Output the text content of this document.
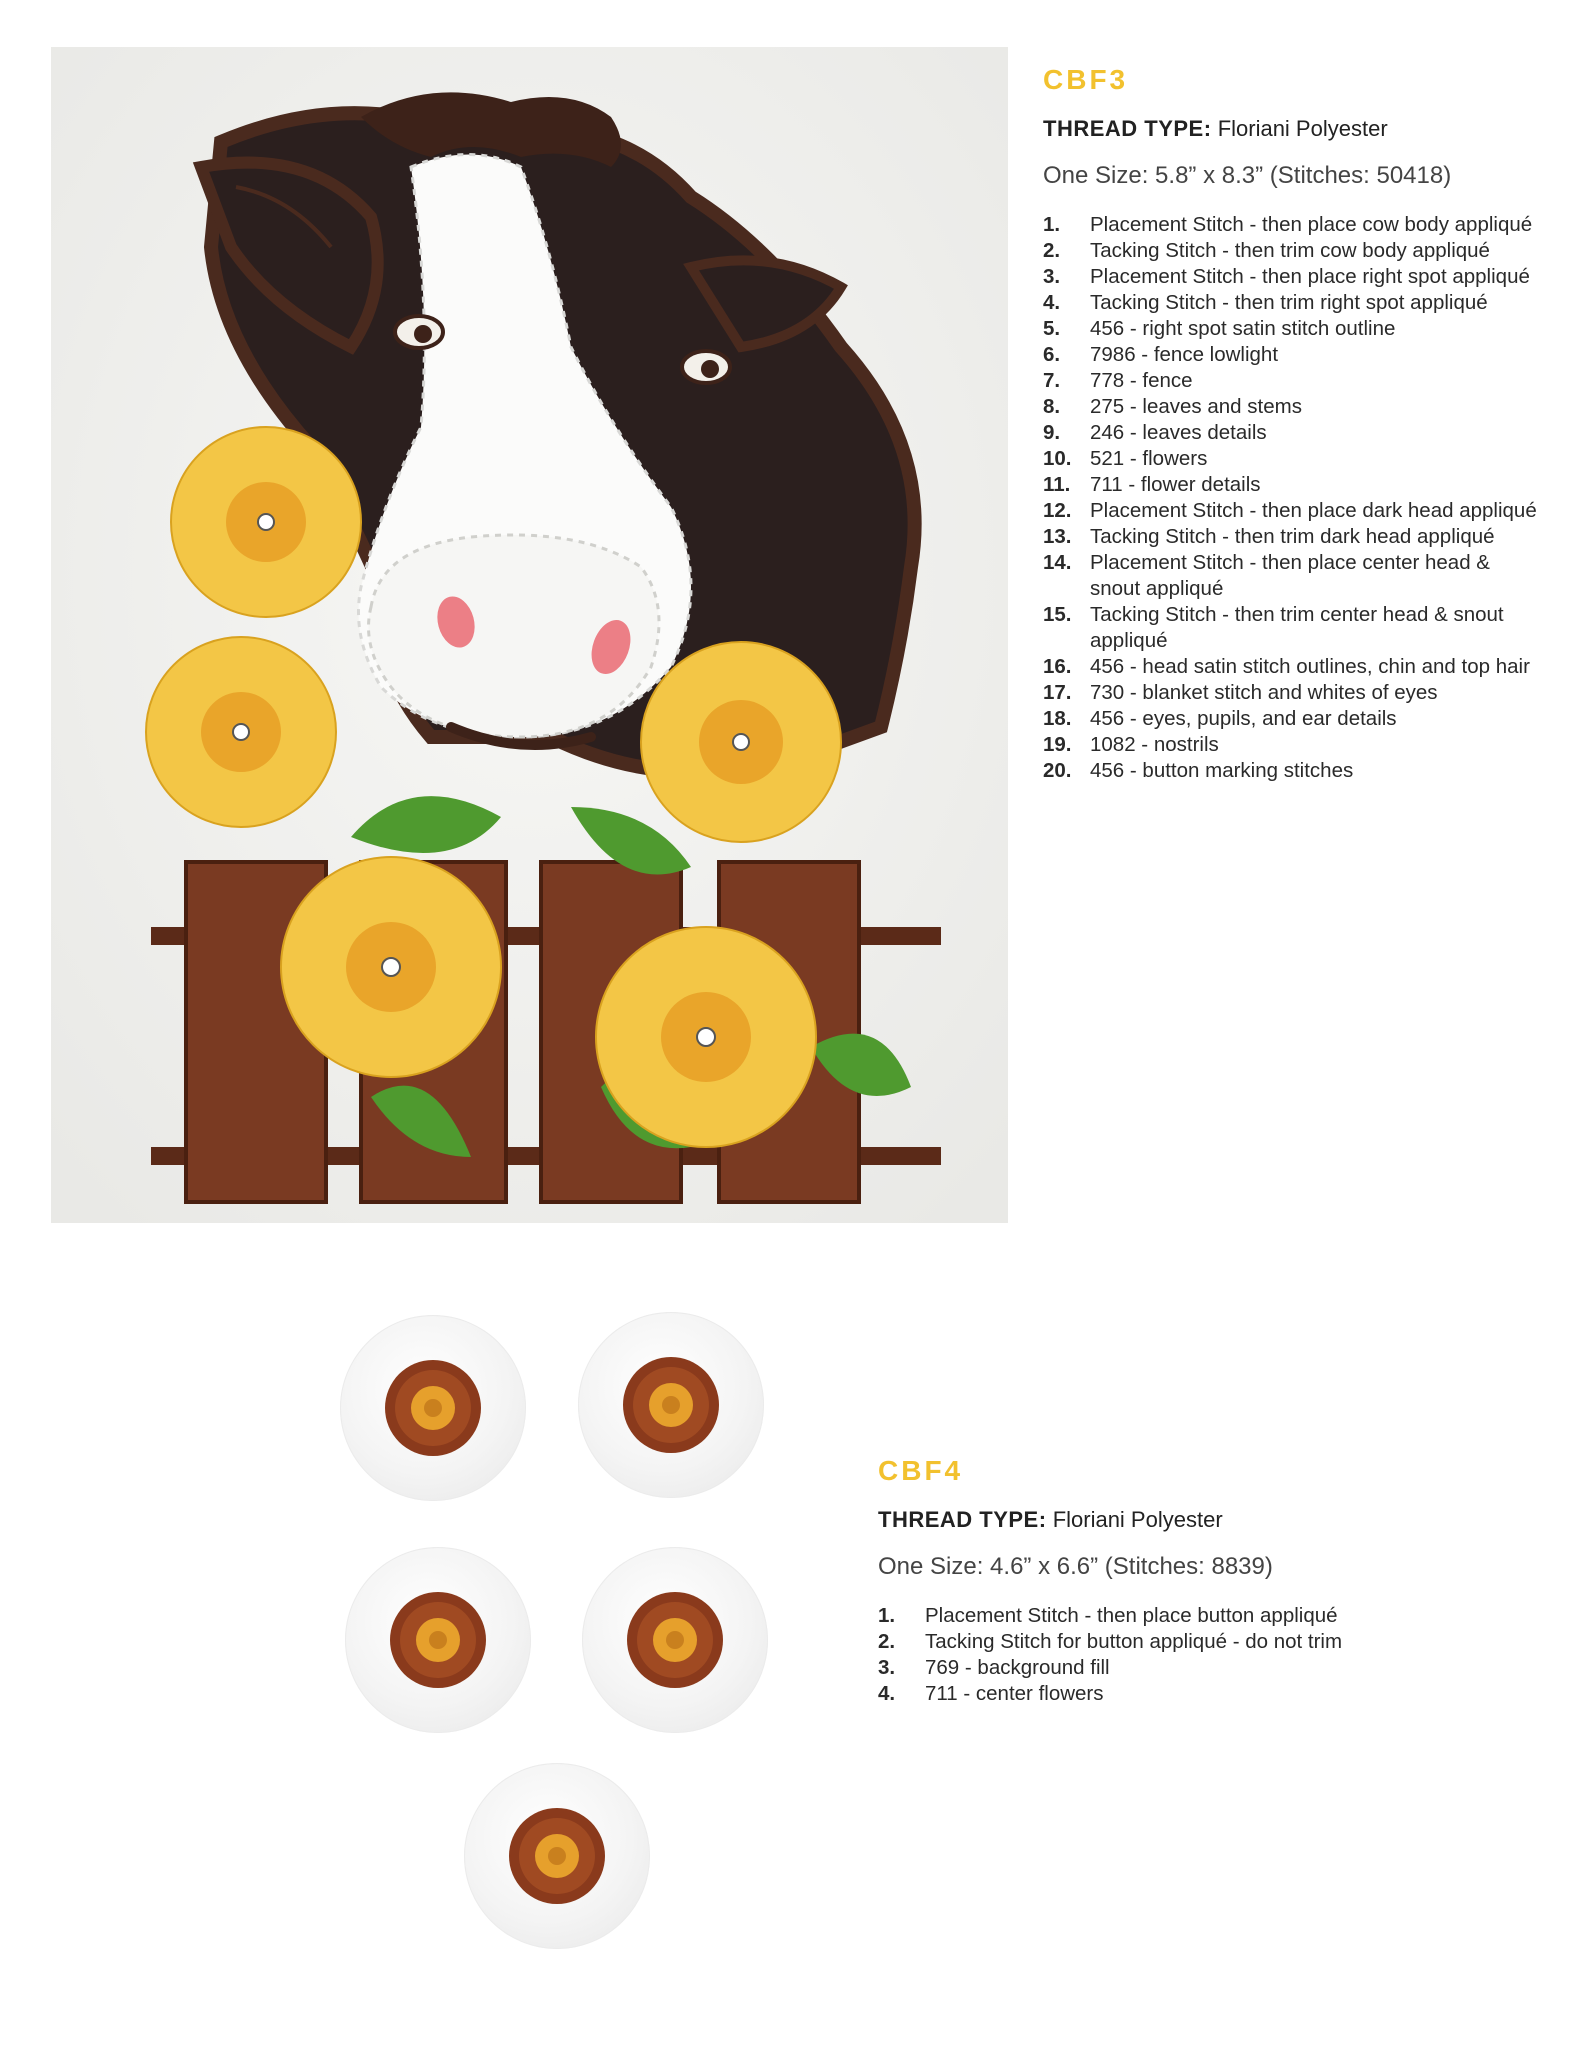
CBF3
THREAD TYPE: Floriani Polyester
One Size: 5.8” x 8.3” (Stitches: 50418)
1.	Placement Stitch - then place cow body appliqué
2.	Tacking Stitch - then trim cow body appliqué
3.	Placement Stitch - then place right spot appliqué
4.	Tacking Stitch - then trim right spot appliqué
5.	456 - right spot satin stitch outline
6.	7986 - fence lowlight
7.	778 - fence
8.	275 - leaves and stems
9.	246 - leaves details
10. 521 - flowers
11. 711 - flower details
12. Placement Stitch - then place dark head appliqué
13. Tacking Stitch - then trim dark head appliqué
14. Placement Stitch - then place center head & snout appliqué
15. Tacking Stitch - then trim center head & snout appliqué
16. 456 - head satin stitch outlines, chin and top hair
17. 730 - blanket stitch and whites of eyes
18. 456 - eyes, pupils, and ear details
19. 1082 - nostrils
20. 456 - button marking stitches
CBF4
THREAD TYPE: Floriani Polyester
One Size: 4.6” x 6.6” (Stitches: 8839)
1.	Placement Stitch - then place button appliqué
2.	Tacking Stitch for button appliqué - do not trim
3.	769 - background fill
4.	711 - center flowers
